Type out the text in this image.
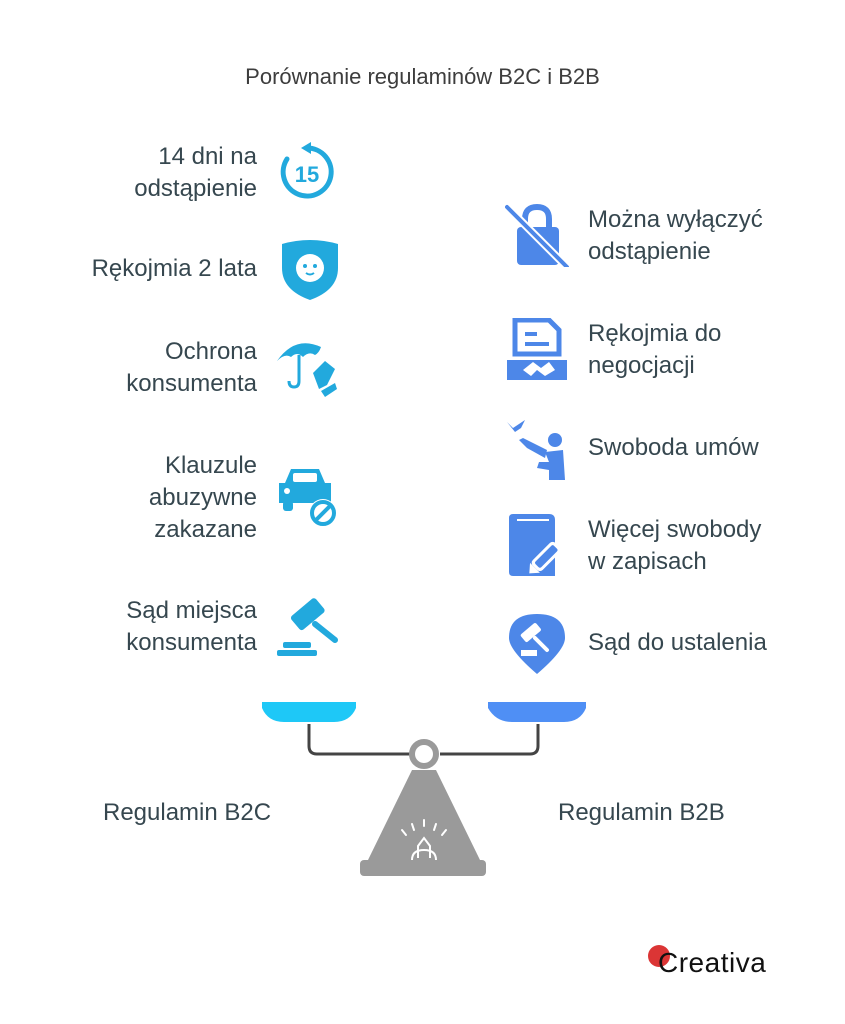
Porównanie regulaminów B2C i B2B
14 dni na
odstąpienie
15
Rękojmia 2 lata
Ochrona
konsumenta
Klauzule
abuzywne
zakazane
Sąd miejsca
konsumenta
Można wyłączyć
odstąpienie
Rękojmia do
negocjacji
Swoboda umów
Więcej swobody
w zapisach
Sąd do ustalenia
Regulamin B2C	Regulamin B2B
Creativa
